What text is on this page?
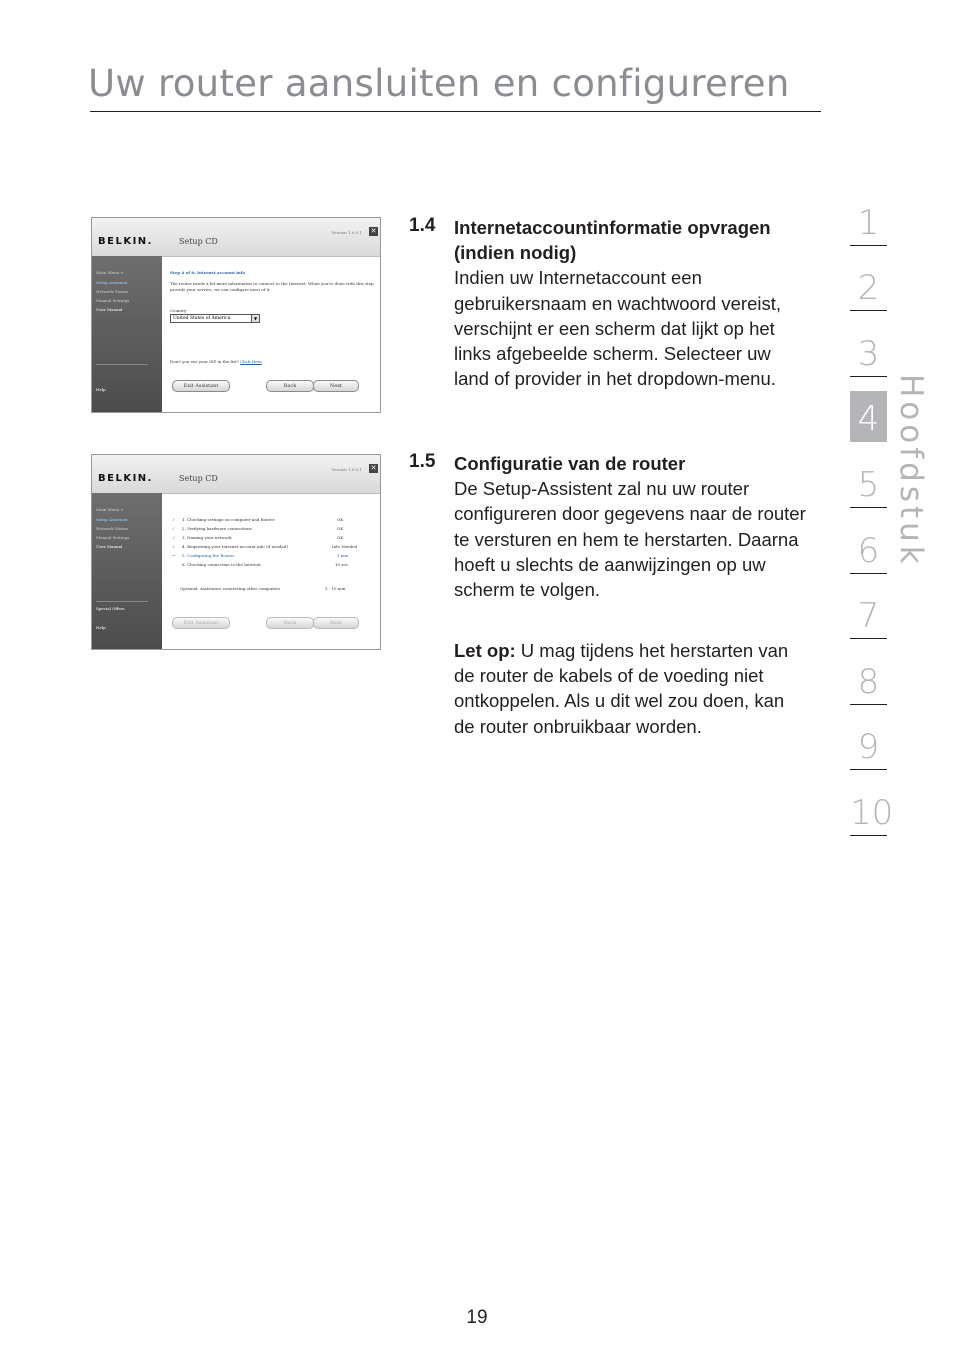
Uw router aansluiten en configureren
BELKIN.	Setup CD
Version 1.0.0.1 ✕
Main Menu >
Setup Assistant
Network Status
Manual Settings
User Manual
Help
Step 4 of 6: Internet account info
The router needs a bit more information to connect to the Internet. When you're done with this step,
provide your service, we can configure most of it.
Country
United States of America	▼
Don't you see your ISP in the list? Click Here
Exit Assistant	Back	Next
BELKIN.	Setup CD
Version 1.0.0.1 ✕
Main Menu >
Setup Assistant
Network Status
Manual Settings
User Manual
Special Offers
Help
✓ 1. Checking settings on computer and Router	OK
✓ 2. Verifying hardware connections	OK
✓ 3. Naming your network	OK
✓ 4. Requesting your Internet account info (if needed)	Info Needed
→ 5. Configuring the Router	1 min
6. Checking connection to the Internet	10 sec
Optional: Assistance connecting other computers	5 - 15 min
Exit Assistant	Back	Next
1.4 Internetaccountinformatie opvragen (indien nodig)

Indien uw Internetaccount een gebruikersnaam en wachtwoord vereist, verschijnt er een scherm dat lijkt op het links afgebeelde scherm. Selecteer uw land of provider in het dropdown-menu.

1.5 Configuratie van de router

De Setup-Assistent zal nu uw router configureren door gegevens naar de router te versturen en hem te herstarten. Daarna hoeft u slechts de aanwijzingen op uw scherm te volgen.

Let op: U mag tijdens het herstarten van de router de kabels of de voeding niet ontkoppelen. Als u dit wel zou doen, kan de router onbruikbaar worden.
1
2
3
4
5
6
7
8
9
10
Hoofdstuk
19
